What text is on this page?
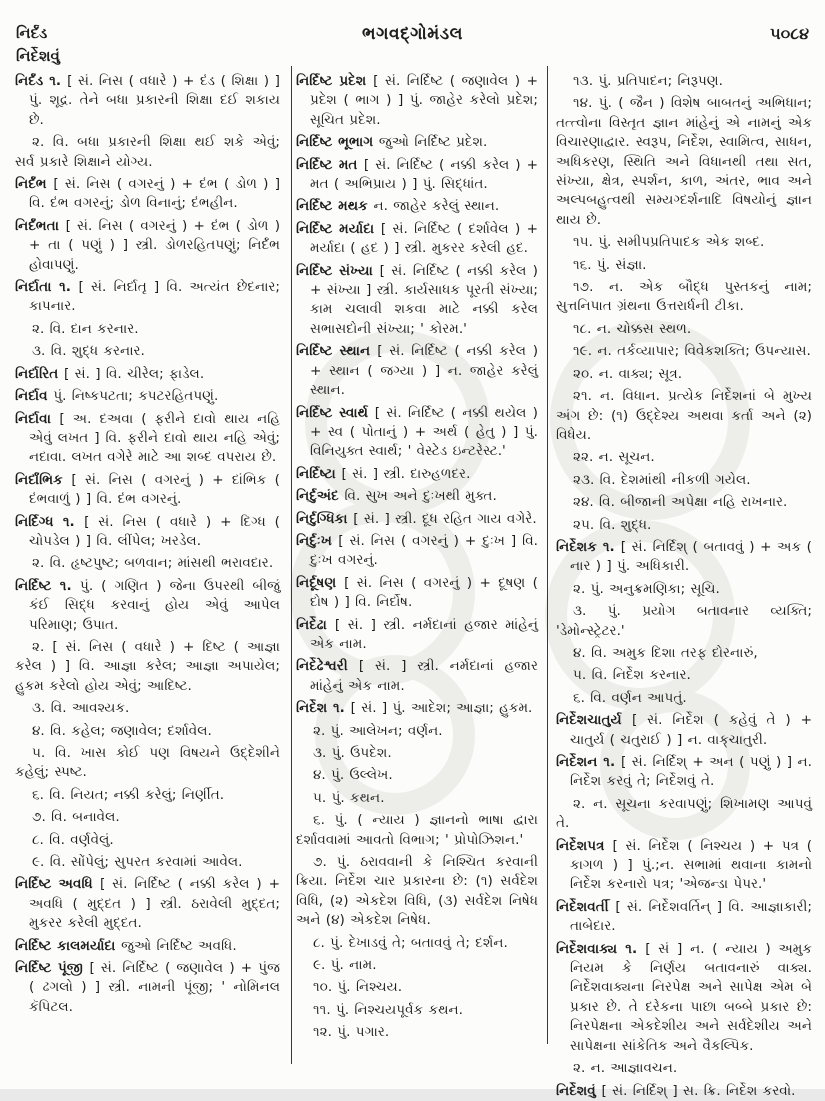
નિર્દંડ
નિર્દેશવું
ભગવદ્ગોમંડલ	૫૦૮૪
નિર્દંડ ૧. [ સં. નિસ ( વધારે ) + દંડ ( શિક્ષા ) ] પું. શૂદ્ર. તેને બધા પ્રકારની શિક્ષા દઈ શકાય છે.
૨. વિ. બધા પ્રકારની શિક્ષા થઈ શકે એવું; સર્વ પ્રકારે શિક્ષાને યોગ્ય.
નિર્દંભ [ સં. નિસ ( વગરનું ) + દંભ ( ડોળ ) ] વિ. દંભ વગરનું; ડોળ વિનાનું; દંભહીન.
નિર્દંભતા [ સં. નિસ ( વગરનું ) + દંભ ( ડોળ ) + તા ( પણું ) ] સ્ત્રી. ડોળરહિતપણું; નિર્દંભ હોવાપણું.
નિર્દાતા ૧. [ સં. નિર્દાતૃ ] વિ. અત્યંત છેદનાર; કાપનાર.
૨. વિ. દાન કરનાર.
૩. વિ. શુદ્ધ કરનાર.
નિર્દારિત [ સં. ] વિ. ચીરેલ; ફાડેલ.
નિર્દાવ પું. નિષ્કપટતા; કપટરહિતપણું.
નિર્દાવા [ અ. દઅવા ( ફરીને દાવો થાય નહિ એવું લખત ] વિ. ફરીને દાવો થાય નહિ એવું; નદાવા. લખત વગેરે માટે આ શબ્દ વપરાય છે.
નિર્દાંભિક [ સં. નિસ ( વગરનું ) + દાંભિક ( દંભવાળું ) ] વિ. દંભ વગરનું.
નિર્દિગ્ધ ૧. [ સં. નિસ ( વધારે ) + દિગ્ધ ( ચોપડેલ ) ] વિ. લીંપેલ; ખરડેલ.
૨. વિ. હૃષ્ટપુષ્ટ; બળવાન; માંસથી ભરાવદાર.
નિર્દિષ્ટ ૧. પું. ( ગણિત ) જેના ઉપરથી બીજું કંઈ સિદ્ધ કરવાનું હોય એવું આપેલ પરિમાણ; ઉપાત.
૨. [ સં. નિસ ( વધારે ) + દિષ્ટ ( આજ્ઞા કરેલ ) ] વિ. આજ્ઞા કરેલ; આજ્ઞા અપાયેલ; હુકમ કરેલો હોય એવું; આદિષ્ટ.
૩. વિ. આવશ્યક.
૪. વિ. કહેલ; જણાવેલ; દર્શાવેલ.
૫. વિ. ખાસ કોઈ પણ વિષયને ઉદ્દેશીને કહેલું; સ્પષ્ટ.
૬. વિ. નિયત; નક્કી કરેલું; નિર્ણીત.
૭. વિ. બનાવેલ.
૮. વિ. વર્ણવેલું.
૯. વિ. સોંપેલું; સુપરત કરવામાં આવેલ.
નિર્દિષ્ટ અવધિ [ સં. નિર્દિષ્ટ ( નક્કી કરેલ ) + અવધિ ( મુદ્દત ) ] સ્ત્રી. ઠરાવેલી મુદ્દત; મુકરર કરેલી મુદ્દત.
નિર્દિષ્ટ કાલમર્યાદા જુઓ નિર્દિષ્ટ અવધિ.
નિર્દિષ્ટ પૂંજી [ સં. નિર્દિષ્ટ ( જણાવેલ ) + પુંજ ( ઢગલો ) ] સ્ત્રી. નામની પૂંજી; ' નોમિનલ કૅપિટલ.
નિર્દિષ્ટ પ્રદેશ [ સં. નિર્દિષ્ટ ( જણાવેલ ) + પ્રદેશ ( ભાગ ) ] પું. જાહેર કરેલો પ્રદેશ; સૂચિત પ્રદેશ.
નિર્દિષ્ટ ભૂભાગ જુઓ નિર્દિષ્ટ પ્રદેશ.
નિર્દિષ્ટ મત [ સં. નિર્દિષ્ટ ( નક્કી કરેલ ) + મત ( અભિપ્રાય ) ] પું. સિદ્ધાંત.
નિર્દિષ્ટ મથક ન. જાહેર કરેલું સ્થાન.
નિર્દિષ્ટ મર્યાદા [ સં. નિર્દિષ્ટ ( દર્શાવેલ ) + મર્યાદા ( હદ ) ] સ્ત્રી. મુકરર કરેલી હદ.
નિર્દિષ્ટ સંખ્યા [ સં. નિર્દિષ્ટ ( નક્કી કરેલ ) + સંખ્યા ] સ્ત્રી. કાર્યસાધક પૂરતી સંખ્યા; કામ ચલાવી શકવા માટે નક્કી કરેલ સભાસદોની સંખ્યા; ' કોરમ.'
નિર્દિષ્ટ સ્થાન [ સં. નિર્દિષ્ટ ( નક્કી કરેલ ) + સ્થાન ( જગ્યા ) ] ન. જાહેર કરેલું સ્થાન.
નિર્દિષ્ટ સ્વાર્થ [ સં. નિર્દિષ્ટ ( નક્કી થયેલ ) + સ્વ ( પોતાનું ) + અર્થ ( હેતુ ) ] પું. વિનિયુક્ત સ્વાર્થ; ' વેસ્ટેડ ઇન્ટરેસ્ટ.'
નિર્દિષ્ટા [ સં. ] સ્ત્રી. દારુહળદર.
નિર્દુઅંદ વિ. સુખ અને દુઃખથી મુક્ત.
નિર્દુગ્ધિકા [ સં. ] સ્ત્રી. દૂધ રહિત ગાય વગેરે.
નિર્દુઃખ [ સં. નિસ ( વગરનું ) + દુઃખ ] વિ. દુઃખ વગરનું.
નિર્દૂષણ [ સં. નિસ ( વગરનું ) + દૂષણ ( દોષ ) ] વિ. નિર્દોષ.
નિર્દેઢા [ સં. ] સ્ત્રી. નર્મદાનાં હજાર માંહેનું એક નામ.
નિર્દેઢેશ્વરી [ સં. ] સ્ત્રી. નર્મદાનાં હજાર માંહેનું એક નામ.
નિર્દેશ ૧. [ સં. ] પું. આદેશ; આજ્ઞા; હુકમ.
૨. પું. આલેખન; વર્ણન.
૩. પું. ઉપદેશ.
૪. પું. ઉલ્લેખ.
૫. પું. કથન.
૬. પું. ( ન્યાય ) જ્ઞાનનો ભાષા દ્વારા દર્શાવવામાં આવતો વિભાગ; ' પ્રોપોઝિશન.'
૭. પું. ઠરાવવાની કે નિશ્ચિત કરવાની ક્રિયા. નિર્દેશ ચાર પ્રકારના છે: (૧) સર્વદેશ વિધિ, (૨) એકદેશ વિધિ, (૩) સર્વદેશ નિષેધ અને (૪) એકદેશ નિષેધ.
૮. પું. દેખાડવું તે; બતાવવું તે; દર્શન.
૯. પું. નામ.
૧૦. પું. નિશ્ચય.
૧૧. પું. નિશ્ચયપૂર્વક કથન.
૧૨. પું. પગાર.
૧૩. પું. પ્રતિપાદન; નિરૂપણ.
૧૪. પું. ( જૈન ) વિશેષ બાબતનું અભિધાન; તત્ત્વોના વિસ્તૃત જ્ઞાન માંહેનું એ નામનું એક વિચારણાદ્વાર. સ્વરૂપ, નિર્દેશ, સ્વામિત્વ, સાધન, અધિકરણ, સ્થિતિ અને વિધાનથી તથા સત, સંખ્યા, ક્ષેત્ર, સ્પર્શન, કાળ, અંતર, ભાવ અને અલ્પબહુત્વથી સમ્યગ્દર્શનાદિ વિષયોનું જ્ઞાન થાય છે.
૧૫. પું. સમીપપ્રતિપાદક એક શબ્દ.
૧૬. પું. સંજ્ઞા.
૧૭. ન. એક બૌદ્ધ પુસ્તકનું નામ; સુત્તનિપાત ગ્રંથના ઉત્તરાર્ધની ટીકા.
૧૮. ન. ચોક્કસ સ્થળ.
૧૯. ન. તર્કવ્યાપાર; વિવેકશક્તિ; ઉપન્યાસ.
૨૦. ન. વાક્ય; સૂત્ર.
૨૧. ન. વિધાન. પ્રત્યેક નિર્દેશનાં બે મુખ્ય અંગ છે: (૧) ઉદ્દેશ્ય અથવા કર્તા અને (૨) વિધેય.
૨૨. ન. સૂચન.
૨૩. વિ. દેશમાંથી નીકળી ગયેલ.
૨૪. વિ. બીજાની અપેક્ષા નહિ રાખનાર.
૨૫. વિ. શુદ્ધ.
નિર્દેશક ૧. [ સં. નિર્દિશ્ ( બતાવવું ) + અક ( નાર ) ] પું. અધિકારી.
૨. પું. અનુક્રમણિકા; સૂચિ.
૩. પું. પ્રયોગ બતાવનાર વ્યક્તિ; 'ડેમોન્સ્ટ્રેટર.'
૪. વિ. અમુક દિશા તરફ દોરનારું,
૫. વિ. નિર્દેશ કરનાર.
૬. વિ. વર્ણન આપતું.
નિર્દેશચાતુર્ય [ સં. નિર્દેશ ( કહેવું તે ) + ચાતુર્ય ( ચતુરાઈ ) ] ન. વાક્‌ચાતુરી.
નિર્દેશન ૧. [ સં. નિર્દિશ્ + અન ( પણું ) ] ન. નિર્દેશ કરવું તે; નિર્દેશવું તે.
૨. ન. સૂચના કરવાપણું; શિખામણ આપવું તે.
નિર્દેશપત્ર [ સં. નિર્દેશ ( નિશ્ચય ) + પત્ર ( કાગળ ) ] પું.;ન. સભામાં થવાના કામનો નિર્દેશ કરનારો પત્ર; 'એજન્ડા પેપર.'
નિર્દેશવર્તી [ સં. નિર્દેશવર્તિન્ ] વિ. આજ્ઞાકારી; તાબેદાર.
નિર્દેશવાક્ય ૧. [ સં ] ન. ( ન્યાય ) અમુક નિયમ કે નિર્ણય બતાવનારું વાક્ય. નિર્દેશવાક્યના નિરપેક્ષ અને સાપેક્ષ એમ બે પ્રકાર છે. તે દરેકના પાછા બબ્બે પ્રકાર છે: નિરપેક્ષના એકદેશીય અને સર્વદેશીય અને સાપેક્ષના સાંકેતિક અને વૈકલ્પિક.
૨. ન. આજ્ઞાવચન.
નિર્દેશવું [ સં. નિર્દિશ્ ] સ. ક્રિ. નિર્દેશ કરવો.
